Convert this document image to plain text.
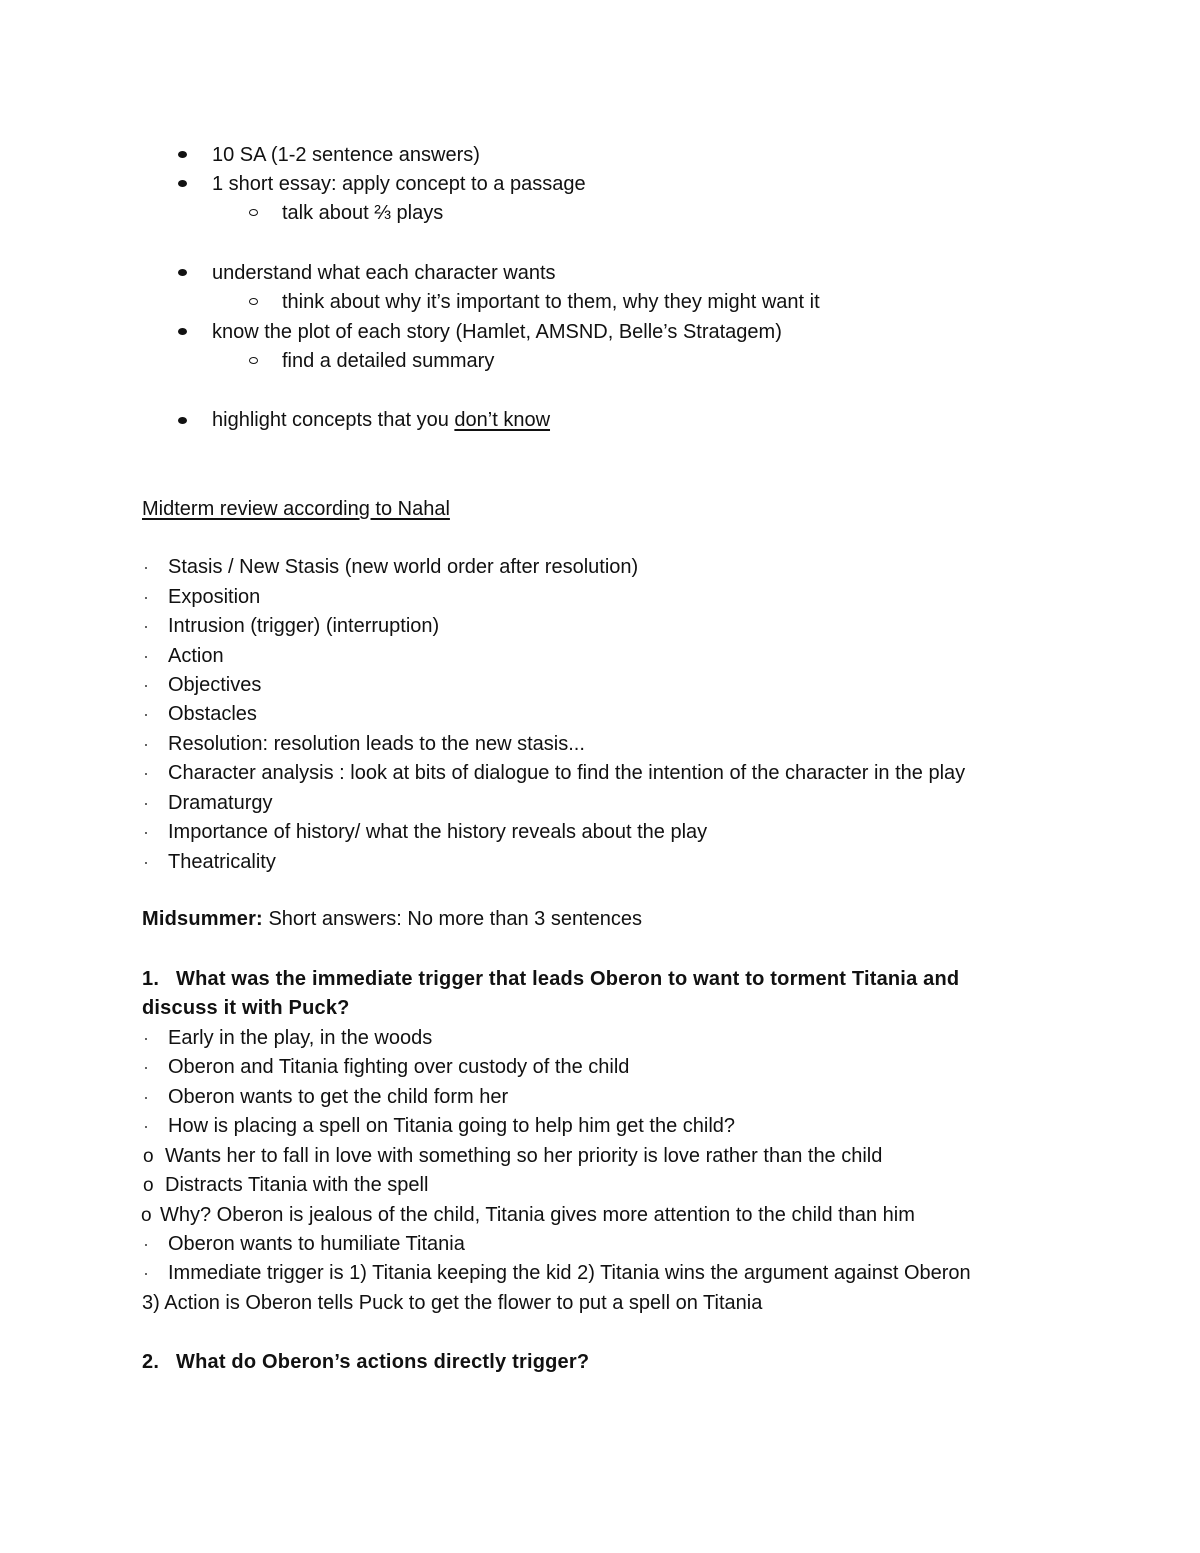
10 SA (1-2 sentence answers)
1 short essay: apply concept to a passage
talk about ⅔ plays
understand what each character wants
think about why it’s important to them, why they might want it
know the plot of each story (Hamlet, AMSND, Belle’s Stratagem)
find a detailed summary
highlight concepts that you don’t know
Midterm review according to Nahal
Stasis / New Stasis (new world order after resolution)
Exposition
Intrusion (trigger) (interruption)
Action
Objectives
Obstacles
Resolution: resolution leads to the new stasis...
Character analysis : look at bits of dialogue to find the intention of the character in the play
Dramaturgy
Importance of history/ what the history reveals about the play
Theatricality
Midsummer: Short answers: No more than 3 sentences
1. What was the immediate trigger that leads Oberon to want to torment Titania and
discuss it with Puck?
Early in the play, in the woods
Oberon and Titania fighting over custody of the child
Oberon wants to get the child form her
How is placing a spell on Titania going to help him get the child?
o Wants her to fall in love with something so her priority is love rather than the child
o Distracts Titania with the spell
o Why? Oberon is jealous of the child, Titania gives more attention to the child than him
Oberon wants to humiliate Titania
Immediate trigger is 1) Titania keeping the kid 2) Titania wins the argument against Oberon
3) Action is Oberon tells Puck to get the flower to put a spell on Titania
2. What do Oberon’s actions directly trigger?
